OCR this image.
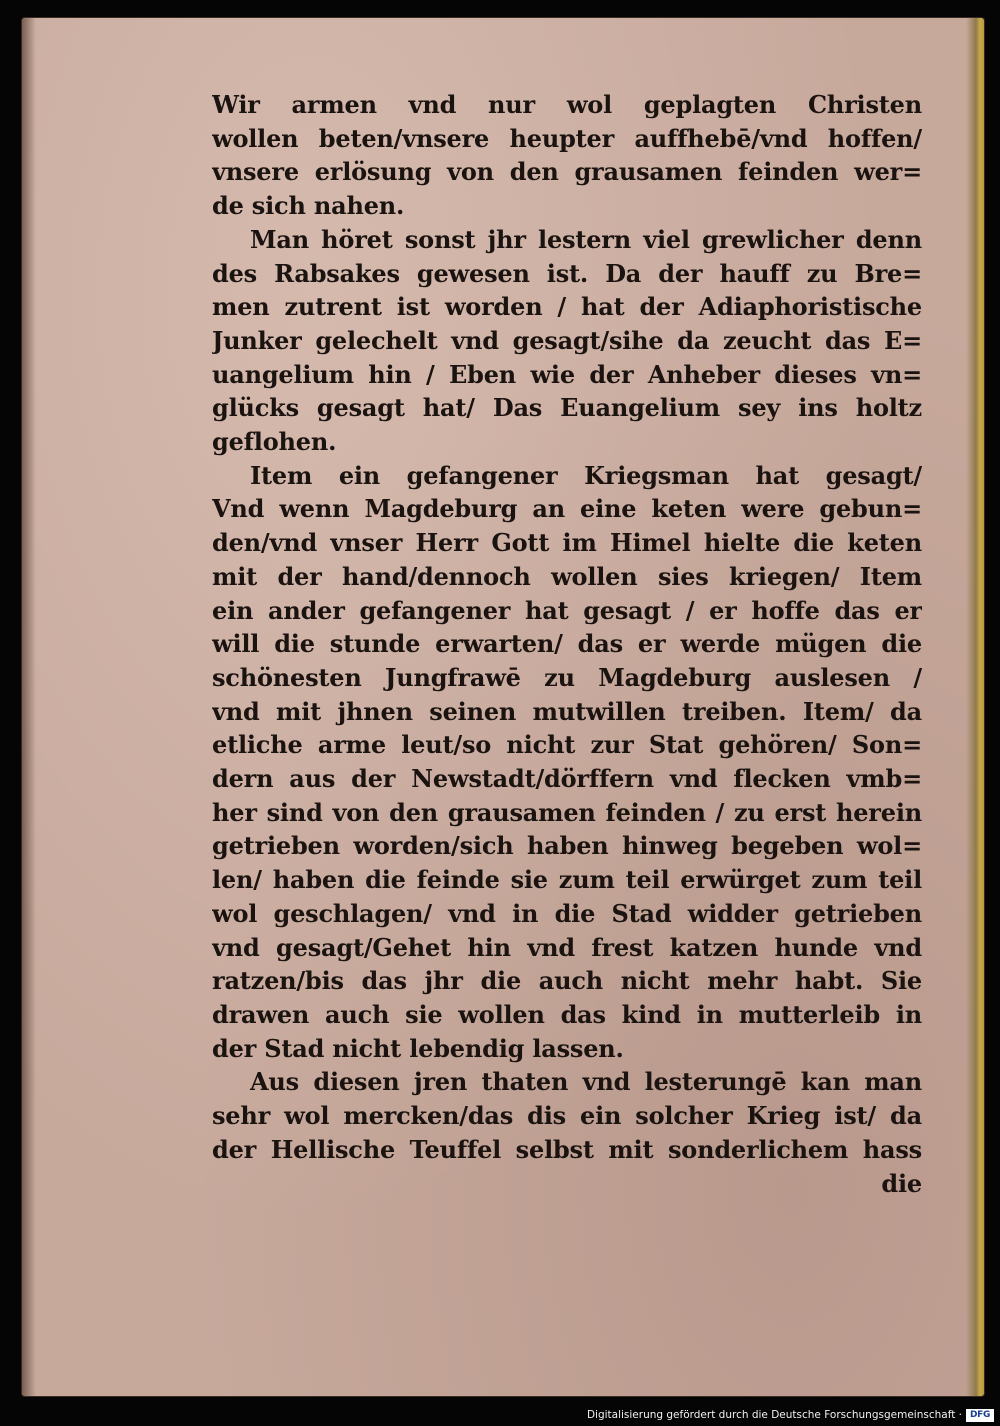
Wir armen vnd nur wol geplagten Christen
wollen beten/vnsere heupter auffhebē/vnd hoffen/
vnsere erlösung von den grausamen feinden wer=
de sich nahen.
Man höret sonst jhr lestern viel grewlicher denn
des Rabsakes gewesen ist. Da der hauff zu Bre=
men zutrent ist worden / hat der Adiaphoristische
Junker gelechelt vnd gesagt/sihe da zeucht das E=
uangelium hin / Eben wie der Anheber dieses vn=
glücks gesagt hat/ Das Euangelium sey ins holtz
geflohen.
Item ein gefangener Kriegsman hat gesagt/
Vnd wenn Magdeburg an eine keten were gebun=
den/vnd vnser Herr Gott im Himel hielte die keten
mit der hand/dennoch wollen sies kriegen/ Item
ein ander gefangener hat gesagt / er hoffe das er
will die stunde erwarten/ das er werde mügen die
schönesten Jungfrawē zu Magdeburg auslesen /
vnd mit jhnen seinen mutwillen treiben. Item/ da
etliche arme leut/so nicht zur Stat gehören/ Son=
dern aus der Newstadt/dörffern vnd flecken vmb=
her sind von den grausamen feinden / zu erst herein
getrieben worden/sich haben hinweg begeben wol=
len/ haben die feinde sie zum teil erwürget zum teil
wol geschlagen/ vnd in die Stad widder getrieben
vnd gesagt/Gehet hin vnd frest katzen hunde vnd
ratzen/bis das jhr die auch nicht mehr habt. Sie
drawen auch sie wollen das kind in mutterleib in
der Stad nicht lebendig lassen.
Aus diesen jren thaten vnd lesterungē kan man
sehr wol mercken/das dis ein solcher Krieg ist/ da
der Hellische Teuffel selbst mit sonderlichem hass
die
Digitalisierung gefördert durch die Deutsche Forschungsgemeinschaft · DFG
